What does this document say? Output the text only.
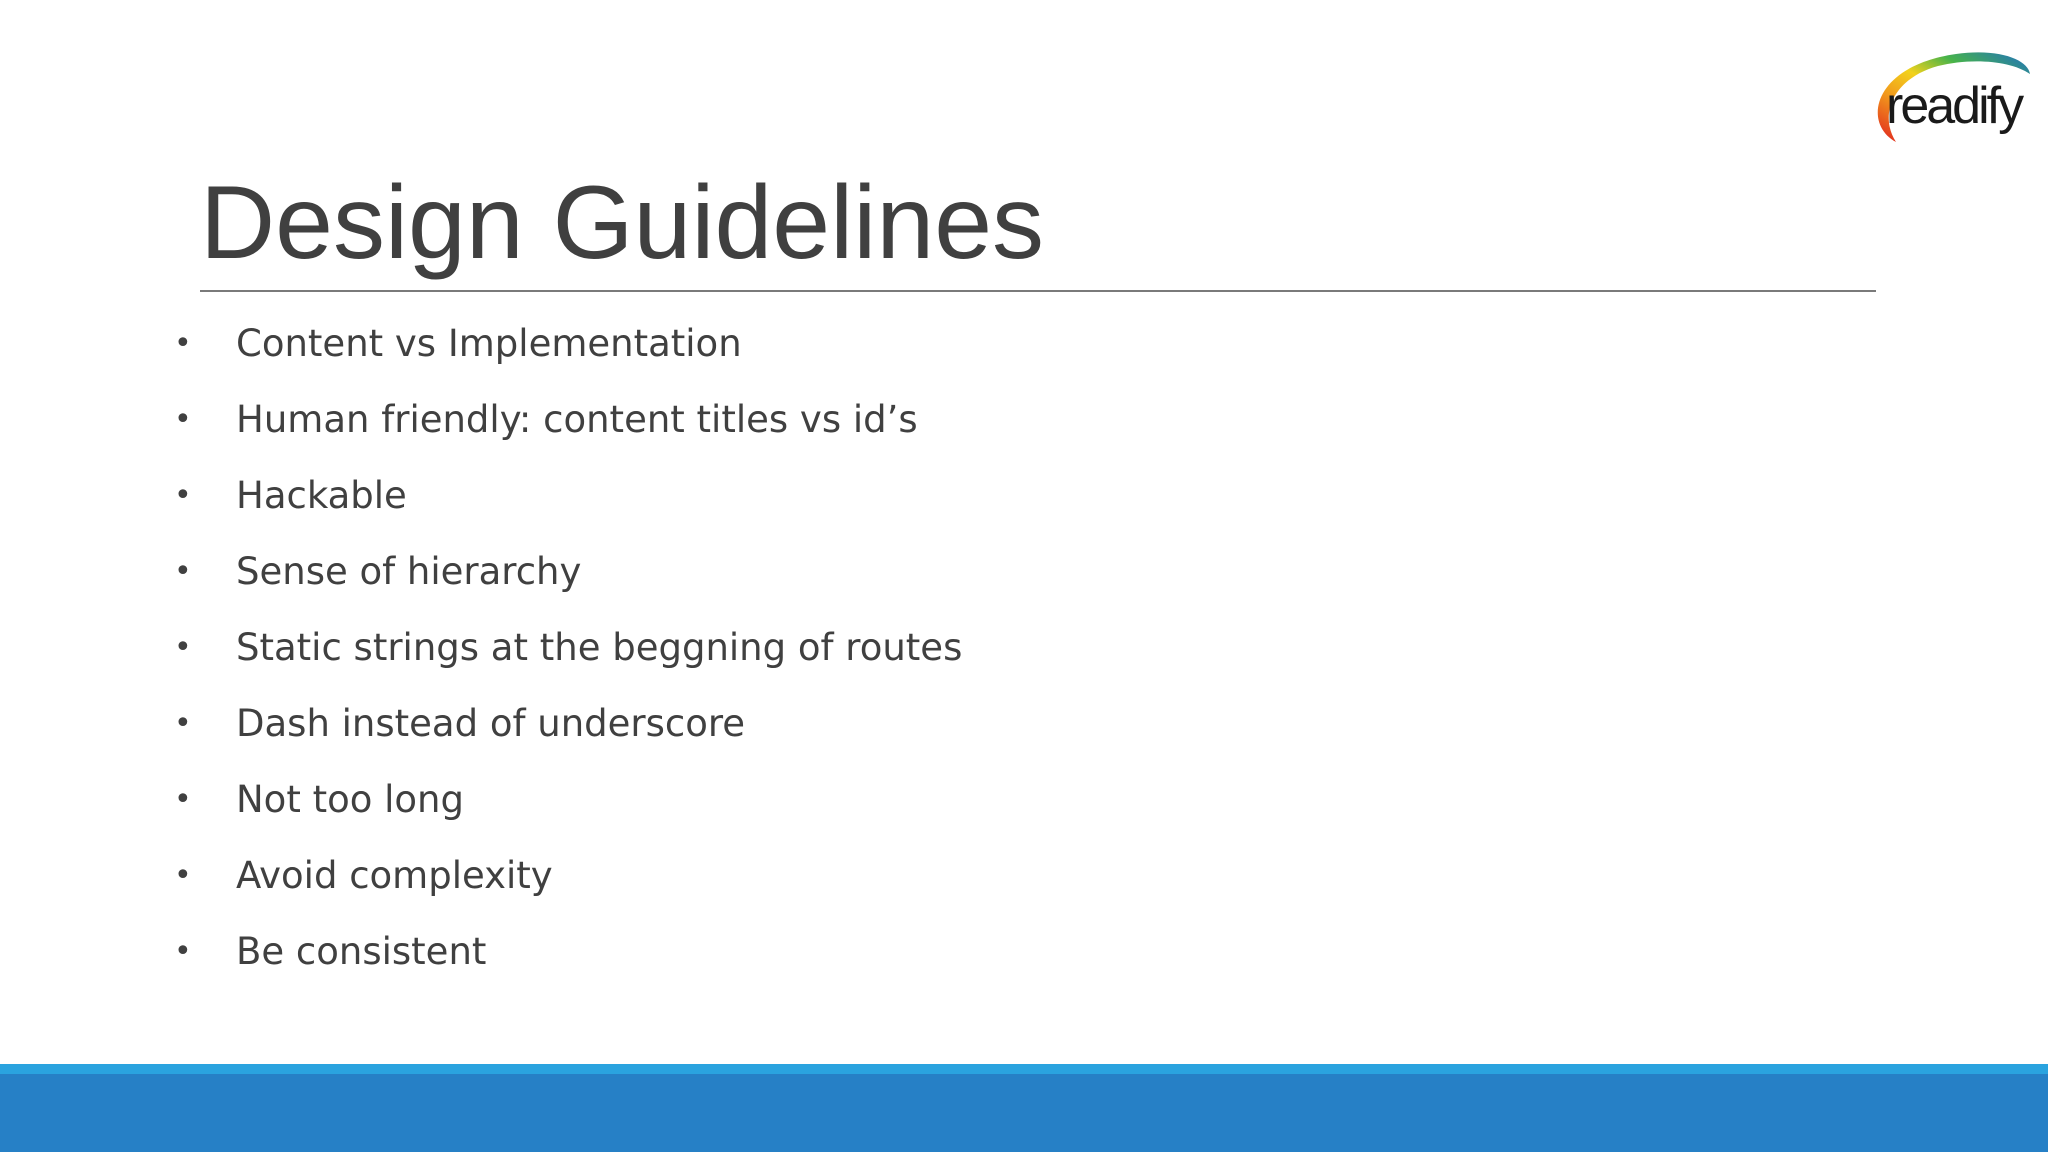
readify
Design Guidelines
•	Content vs Implementation
•	Human friendly: content titles vs id’s
•	Hackable
•	Sense of hierarchy
•	Static strings at the beggning of routes
•	Dash instead of underscore
•	Not too long
•	Avoid complexity
•	Be consistent
